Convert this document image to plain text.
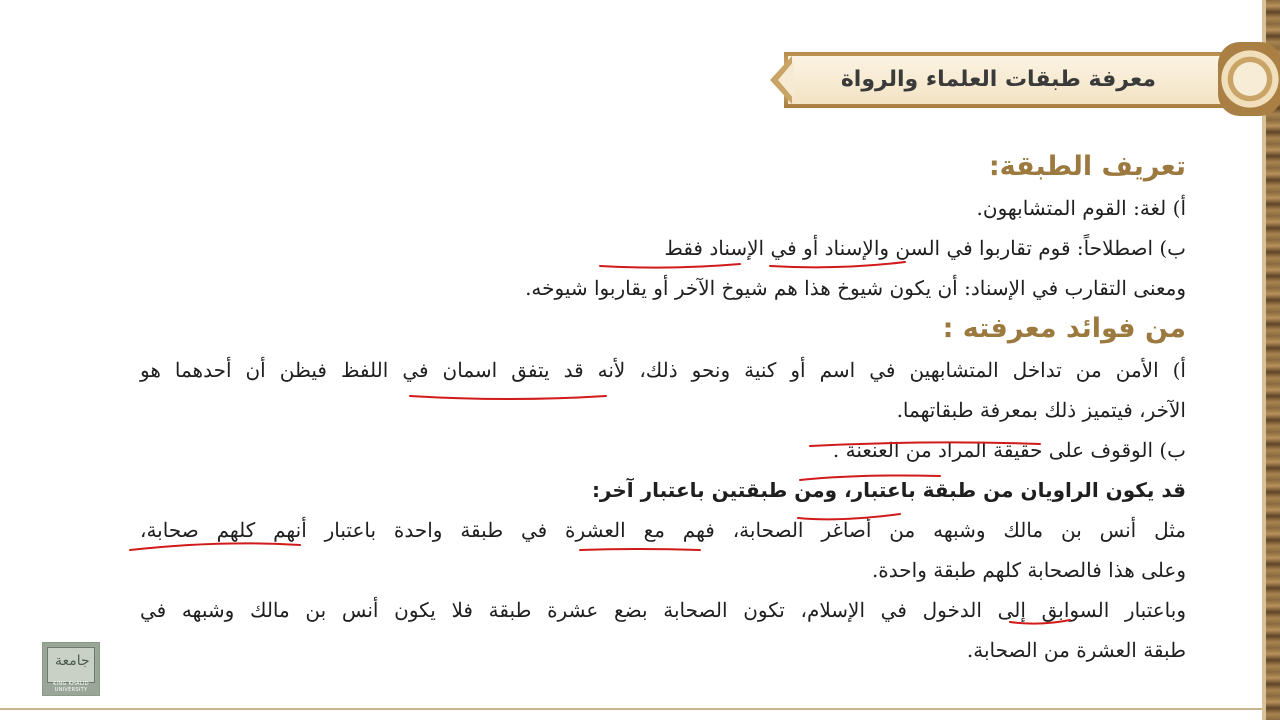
معرفة طبقات العلماء والرواة
تعريف الطبقة:
أ) لغة: القوم المتشابهون.
ب) اصطلاحاً: قوم تقاربوا في السن والإسناد أو في الإسناد فقط
ومعنى التقارب في الإسناد: أن يكون شيوخ هذا هم شيوخ الآخر أو يقاربوا شيوخه.
من فوائد معرفته :
أ) الأمن من تداخل المتشابهين في اسم أو كنية ونحو ذلك، لأنه قد يتفق اسمان في اللفظ فيظن أن أحدهما هو
الآخر، فيتميز ذلك بمعرفة طبقاتهما.
ب) الوقوف على حقيقة المراد من العنعنة .
قد يكون الراويان من طبقة باعتبار، ومن طبقتين باعتبار آخر:
مثل أنس بن مالك وشبهه من أصاغر الصحابة، فهم مع العشرة في طبقة واحدة باعتبار أنهم كلهم صحابة،
وعلى هذا فالصحابة كلهم طبقة واحدة.
وباعتبار السوابق إلى الدخول في الإسلام، تكون الصحابة بضع عشرة طبقة فلا يكون أنس بن مالك وشبهه في
طبقة العشرة من الصحابة.
جامعة
KING KHALID UNIVERSITY
